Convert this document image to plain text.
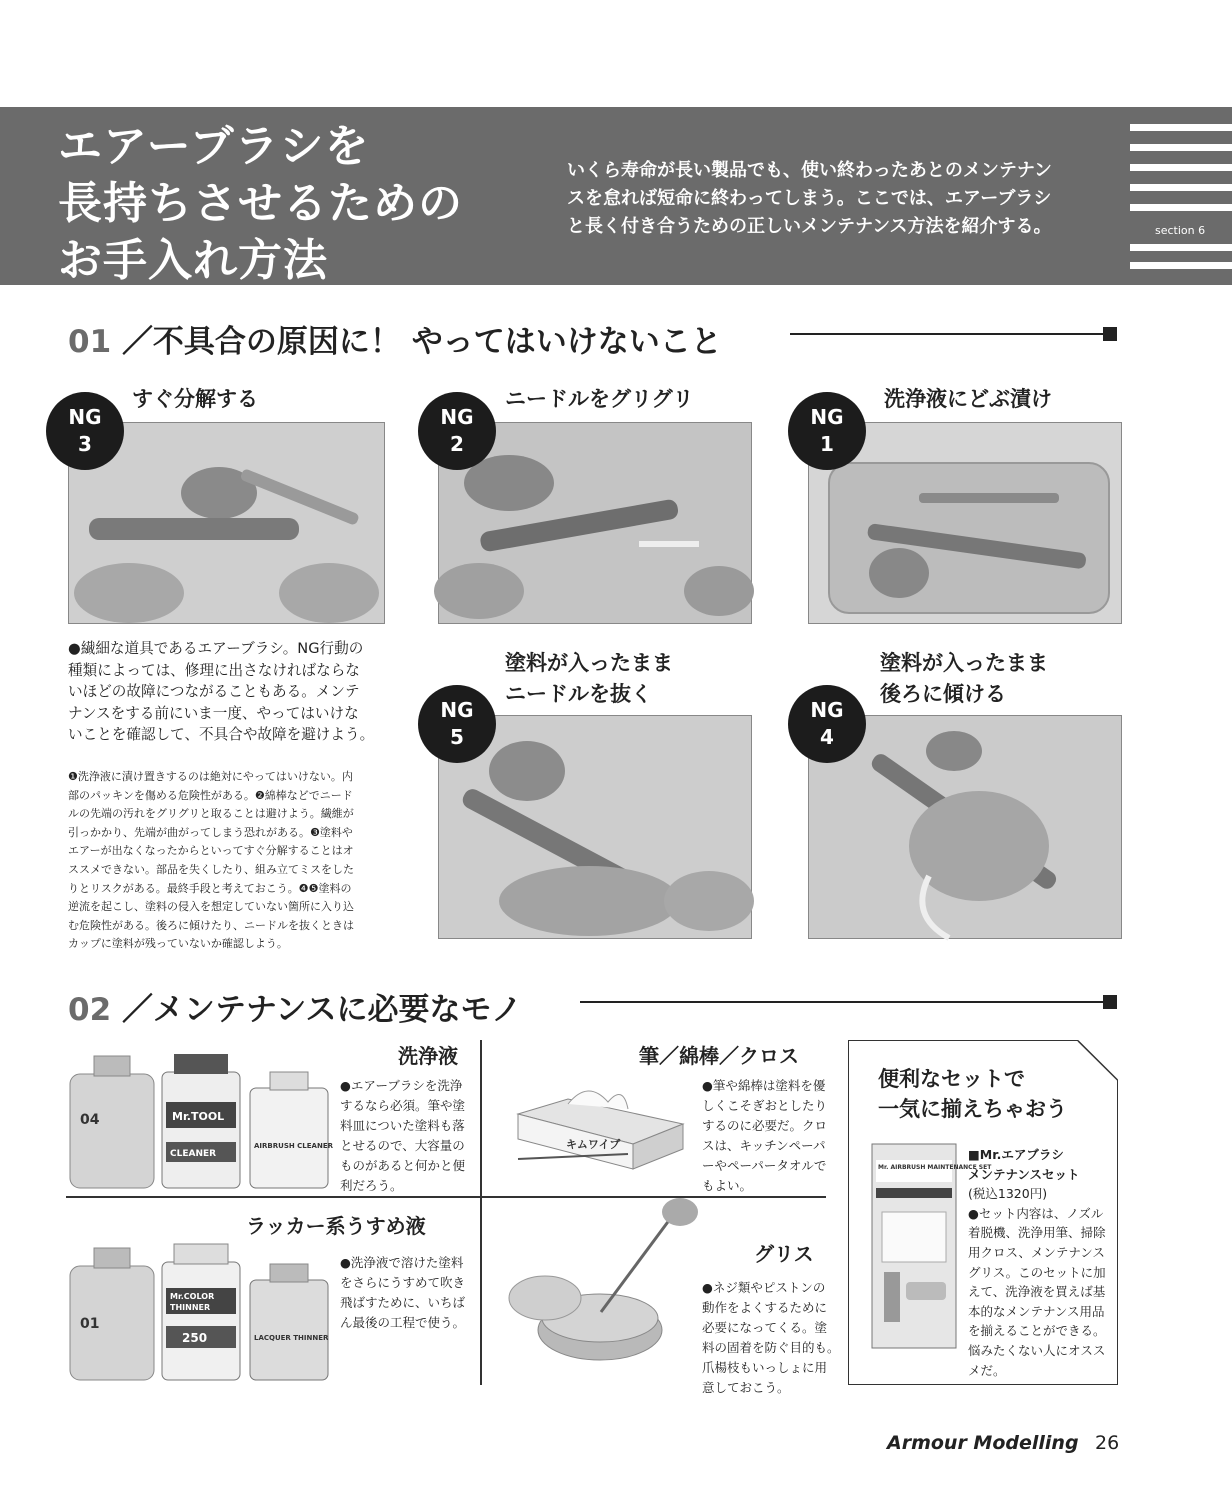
エアーブラシを
長持ちさせるための
お手入れ方法
いくら寿命が長い製品でも、使い終わったあとのメンテナン
スを怠れば短命に終わってしまう。ここでは、エアーブラシ
と長く付き合うための正しいメンテナンス方法を紹介する。	section 6
01 ／不具合の原因に！ やってはいけないこと
NG
3
すぐ分解する
NG
2
ニードルをグリグリ
NG
1
洗浄液にどぶ漬け
●繊細な道具であるエアーブラシ。NG行動の
種類によっては、修理に出さなければならな
いほどの故障につながることもある。メンテ
ナンスをする前にいま一度、やってはいけな
いことを確認して、不具合や故障を避けよう。
❶洗浄液に漬け置きするのは絶対にやってはいけない。内
部のパッキンを傷める危険性がある。❷綿棒などでニード
ルの先端の汚れをグリグリと取ることは避けよう。繊維が
引っかかり、先端が曲がってしまう恐れがある。❸塗料や
エアーが出なくなったからといってすぐ分解することはオ
ススメできない。部品を失くしたり、組み立てミスをした
りとリスクがある。最終手段と考えておこう。❹❺塗料の
逆流を起こし、塗料の侵入を想定していない箇所に入り込
む危険性がある。後ろに傾けたり、ニードルを抜くときは
カップに塗料が残っていないか確認しよう。
NG
5
塗料が入ったまま
ニードルを抜く
NG
4
塗料が入ったまま
後ろに傾ける
02 ／メンテナンスに必要なモノ
洗浄液
04	Mr.TOOL
CLEANER
AIRBRUSH CLEANER
●エアーブラシを洗浄
するなら必須。筆や塗
料皿についた塗料も落
とせるので、大容量の
ものがあると何かと便
利だろう。
筆／綿棒／クロス
キムワイプ
●筆や綿棒は塗料を優
しくこそぎおとしたり
するのに必要だ。クロ
スは、キッチンペーパ
ーやペーパータオルで
もよい。
ラッカー系うすめ液
01
Mr.COLOR
THINNER
250	LACQUER THINNER
●洗浄液で溶けた塗料
をさらにうすめて吹き
飛ばすために、いちば
ん最後の工程で使う。
グリス
●ネジ類やピストンの
動作をよくするために
必要になってくる。塗
料の固着を防ぐ目的も。
爪楊枝もいっしょに用
意しておこう。
便利なセットで
一気に揃えちゃおう
Mr. AIRBRUSH MAINTENANCE SET
■Mr.エアブラシ
メンテナンスセット
(税込1320円)
●セット内容は、ノズル
着脱機、洗浄用筆、掃除
用クロス、メンテナンス
グリス。このセットに加
えて、洗浄液を買えば基
本的なメンテナンス用品
を揃えることができる。
悩みたくない人にオスス
メだ。
Armour Modelling 26
